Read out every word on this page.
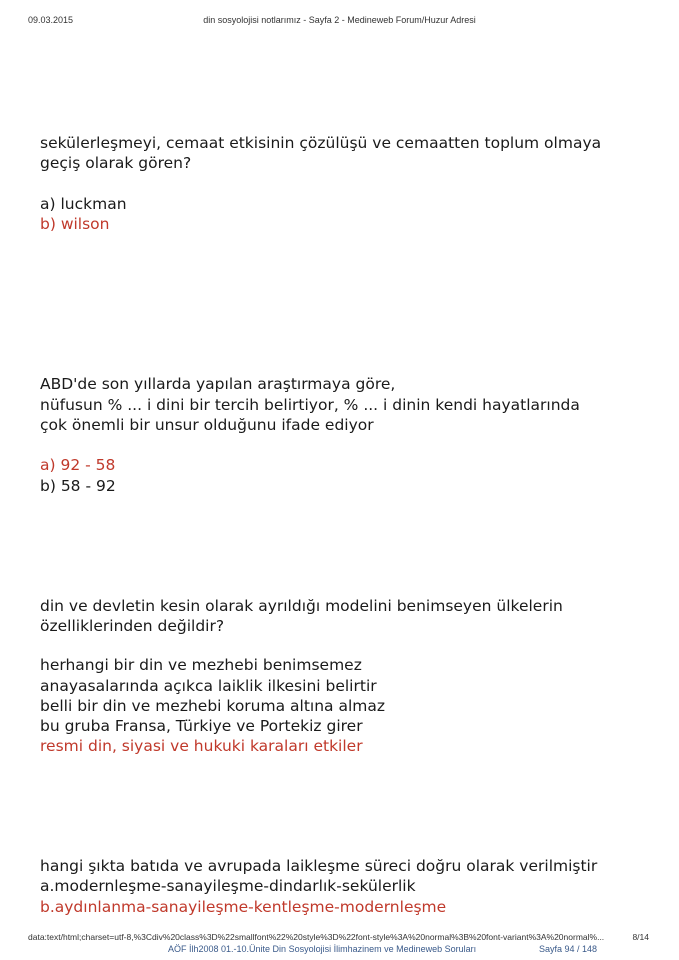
09.03.2015	din sosyolojisi notlarımız - Sayfa 2 - Medineweb Forum/Huzur Adresi
sekülerleşmeyi, cemaat etkisinin çözülüşü ve cemaatten toplum olmaya
geçiş olarak gören?
a) luckman
b) wilson
ABD'de son yıllarda yapılan araştırmaya göre,
nüfusun % ... i dini bir tercih belirtiyor, % ... i dinin kendi hayatlarında
çok önemli bir unsur olduğunu ifade ediyor
a) 92 - 58
b) 58 - 92
din ve devletin kesin olarak ayrıldığı modelini benimseyen ülkelerin
özelliklerinden değildir?
herhangi bir din ve mezhebi benimsemez
anayasalarında açıkca laiklik ilkesini belirtir
belli bir din ve mezhebi koruma altına almaz
bu gruba Fransa, Türkiye ve Portekiz girer
resmi din, siyasi ve hukuki karaları etkiler
hangi şıkta batıda ve avrupada laikleşme süreci doğru olarak verilmiştir
a.modernleşme-sanayileşme-dindarlık-sekülerlik
b.aydınlanma-sanayileşme-kentleşme-modernleşme
data:text/html;charset=utf-8,%3Cdiv%20class%3D%22smallfont%22%20style%3D%22font-style%3A%20normal%3B%20font-variant%3A%20normal%...	8/14
AÖF İlh2008 01.-10.Ünite Din Sosyolojisi İlimhazinem ve Medineweb Soruları	Sayfa 94 / 148
